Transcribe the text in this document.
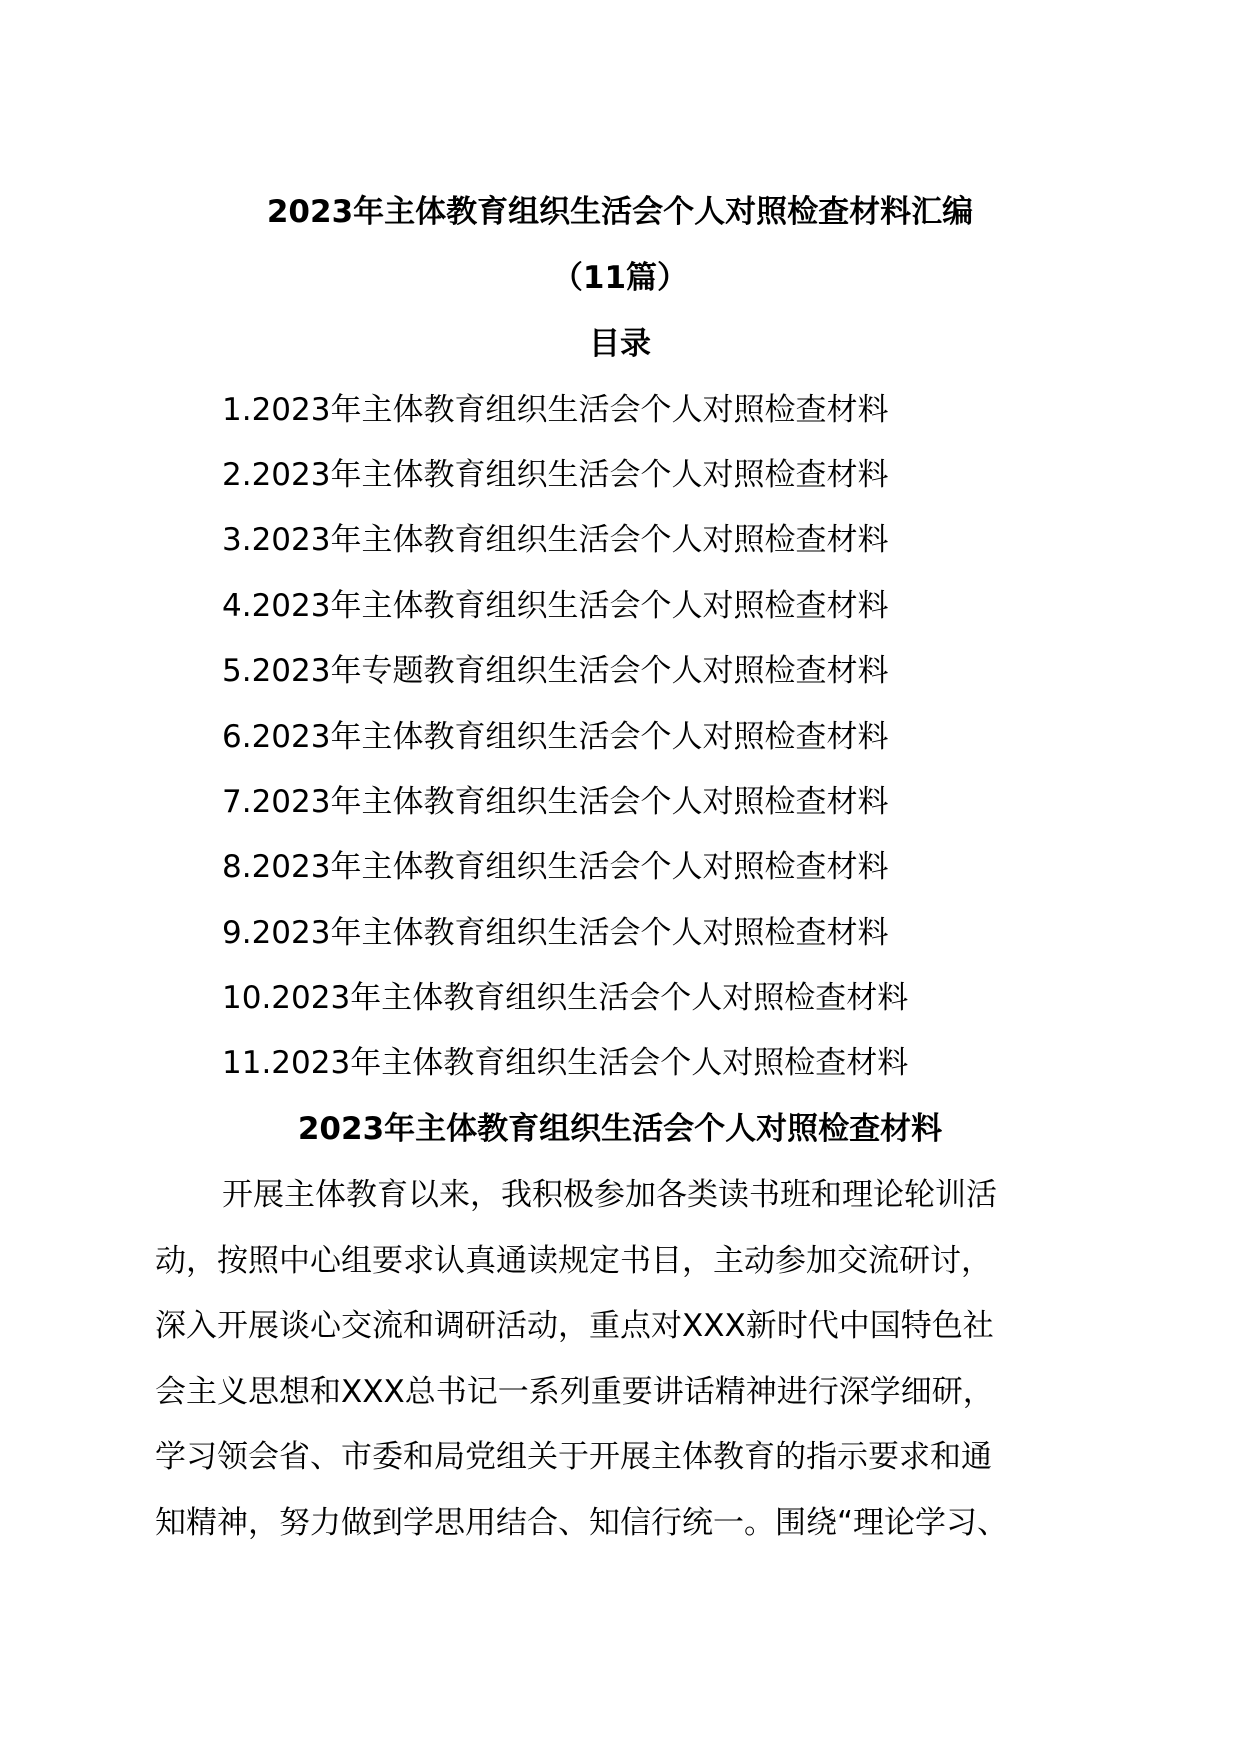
2023年主体教育组织生活会个人对照检查材料汇编
（11篇）
目录
1.2023年主体教育组织生活会个人对照检查材料
2.2023年主体教育组织生活会个人对照检查材料
3.2023年主体教育组织生活会个人对照检查材料
4.2023年主体教育组织生活会个人对照检查材料
5.2023年专题教育组织生活会个人对照检查材料
6.2023年主体教育组织生活会个人对照检查材料
7.2023年主体教育组织生活会个人对照检查材料
8.2023年主体教育组织生活会个人对照检查材料
9.2023年主体教育组织生活会个人对照检查材料
10.2023年主体教育组织生活会个人对照检查材料
11.2023年主体教育组织生活会个人对照检查材料
2023年主体教育组织生活会个人对照检查材料
开展主体教育以来，我积极参加各类读书班和理论轮训活
动，按照中心组要求认真通读规定书目，主动参加交流研讨，
深入开展谈心交流和调研活动，重点对XXX新时代中国特色社
会主义思想和XXX总书记一系列重要讲话精神进行深学细研，
学习领会省、市委和局党组关于开展主体教育的指示要求和通
知精神，努力做到学思用结合、知信行统一。围绕“理论学习、
